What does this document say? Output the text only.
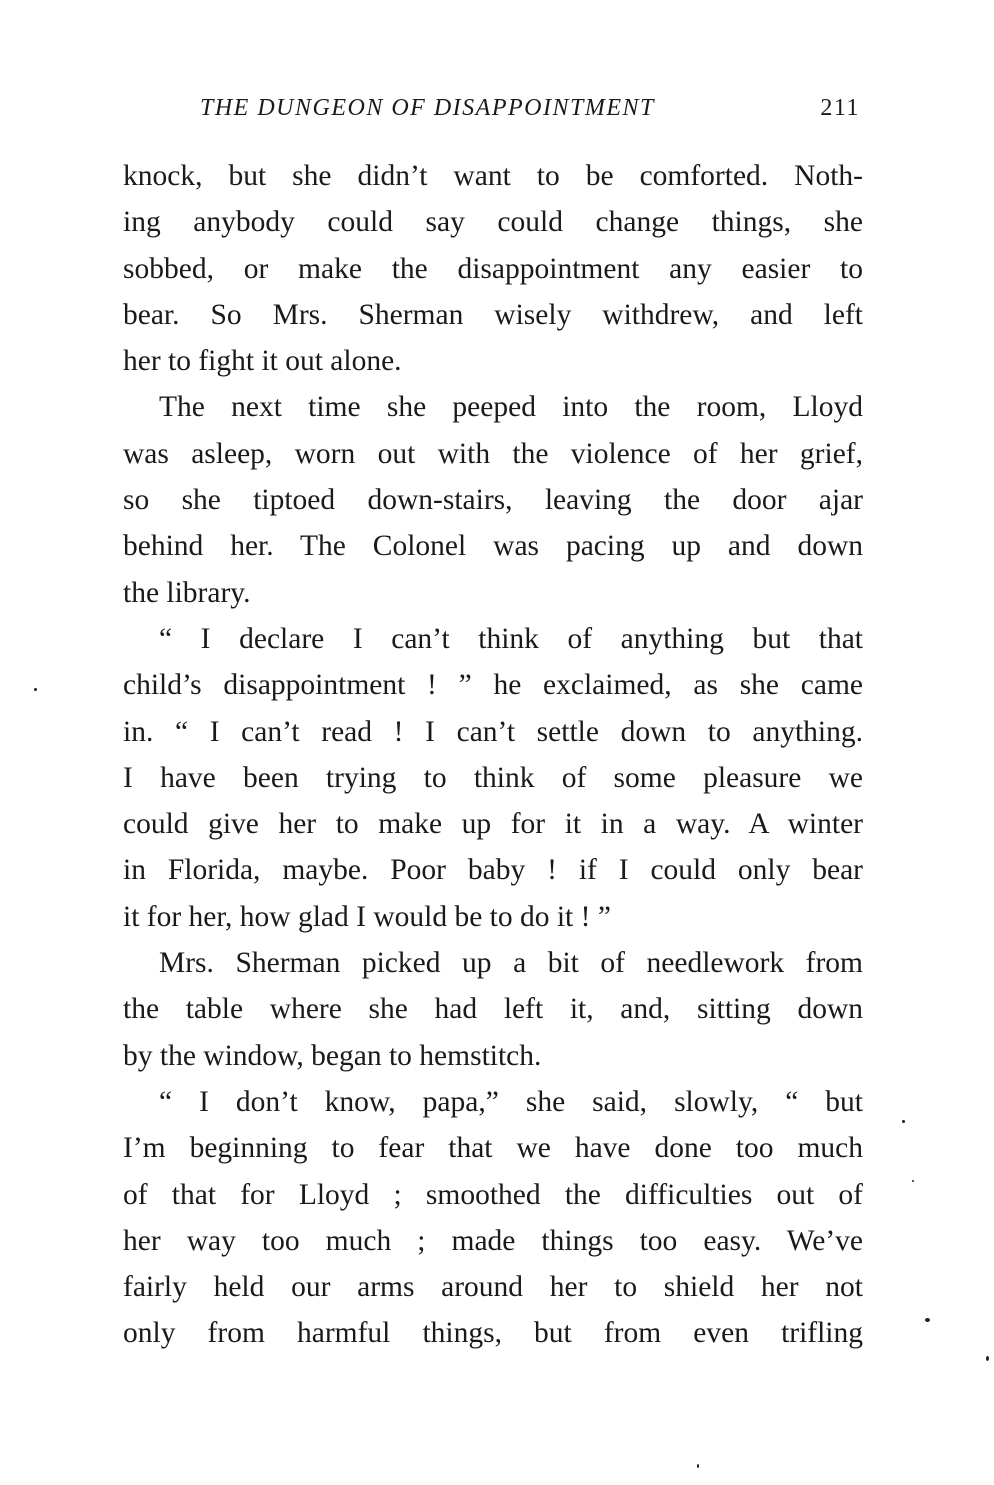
THE DUNGEON OF DISAPPOINTMENT	211
knock, but she didn’t want to be comforted. Noth-
ing anybody could say could change things, she
sobbed, or make the disappointment any easier to
bear. So Mrs. Sherman wisely withdrew, and left
her to fight it out alone.
The next time she peeped into the room, Lloyd
was asleep, worn out with the violence of her grief,
so she tiptoed down-stairs, leaving the door ajar
behind her. The Colonel was pacing up and down
the library.
“ I declare I can’t think of anything but that
child’s disappointment ! ” he exclaimed, as she came
in. “ I can’t read ! I can’t settle down to anything.
I have been trying to think of some pleasure we
could give her to make up for it in a way. A winter
in Florida, maybe. Poor baby ! if I could only bear
it for her, how glad I would be to do it ! ”
Mrs. Sherman picked up a bit of needlework from
the table where she had left it, and, sitting down
by the window, began to hemstitch.
“ I don’t know, papa,” she said, slowly, “ but
I’m beginning to fear that we have done too much
of that for Lloyd ; smoothed the difficulties out of
her way too much ; made things too easy. We’ve
fairly held our arms around her to shield her not
only from harmful things, but from even trifling
